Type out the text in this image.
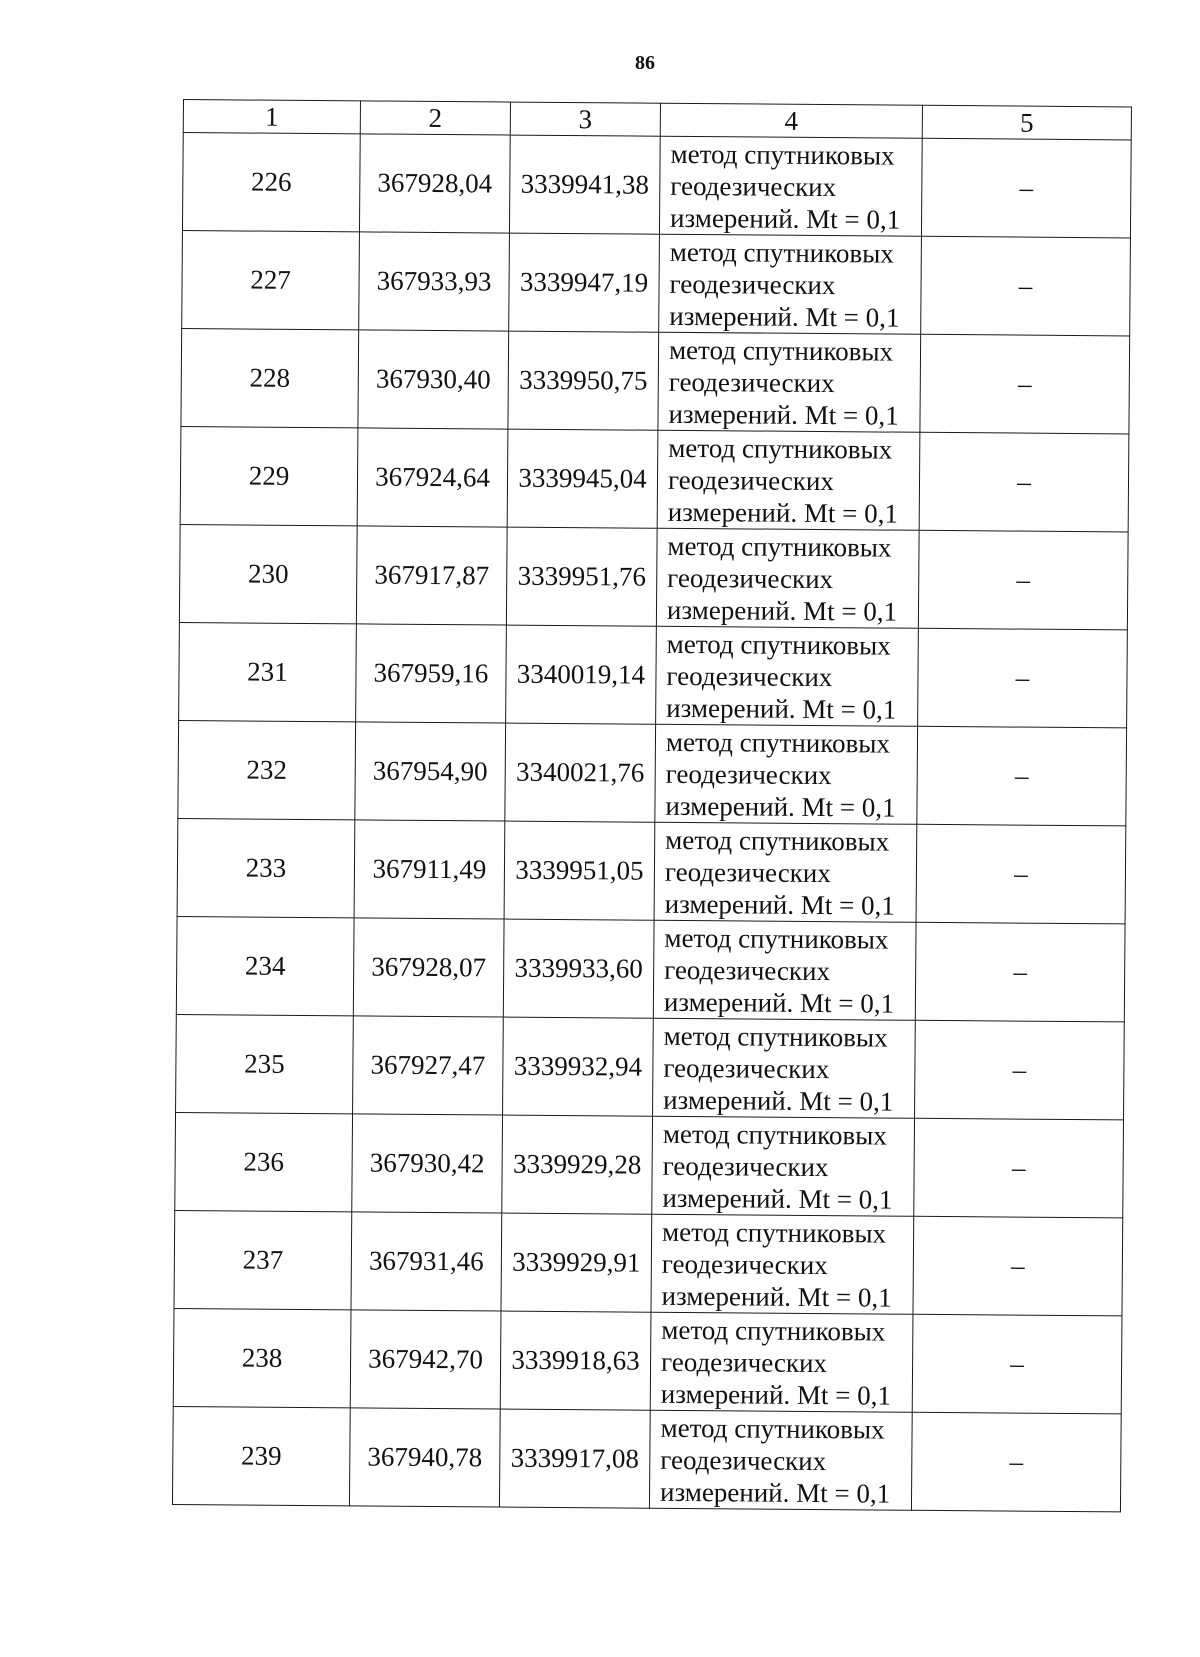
86
1	2	3	4	5
226	367928,04	3339941,38	метод спутниковых
геодезических
измерений. Mt = 0,1	–
227	367933,93	3339947,19	метод спутниковых
геодезических
измерений. Mt = 0,1	–
228	367930,40	3339950,75	метод спутниковых
геодезических
измерений. Mt = 0,1	–
229	367924,64	3339945,04	метод спутниковых
геодезических
измерений. Mt = 0,1	–
230	367917,87	3339951,76	метод спутниковых
геодезических
измерений. Mt = 0,1	–
231	367959,16	3340019,14	метод спутниковых
геодезических
измерений. Mt = 0,1	–
232	367954,90	3340021,76	метод спутниковых
геодезических
измерений. Mt = 0,1	–
233	367911,49	3339951,05	метод спутниковых
геодезических
измерений. Mt = 0,1	–
234	367928,07	3339933,60	метод спутниковых
геодезических
измерений. Mt = 0,1	–
235	367927,47	3339932,94	метод спутниковых
геодезических
измерений. Mt = 0,1	–
236	367930,42	3339929,28	метод спутниковых
геодезических
измерений. Mt = 0,1	–
237	367931,46	3339929,91	метод спутниковых
геодезических
измерений. Mt = 0,1	–
238	367942,70	3339918,63	метод спутниковых
геодезических
измерений. Mt = 0,1	–
239	367940,78	3339917,08	метод спутниковых
геодезических
измерений. Mt = 0,1	–
